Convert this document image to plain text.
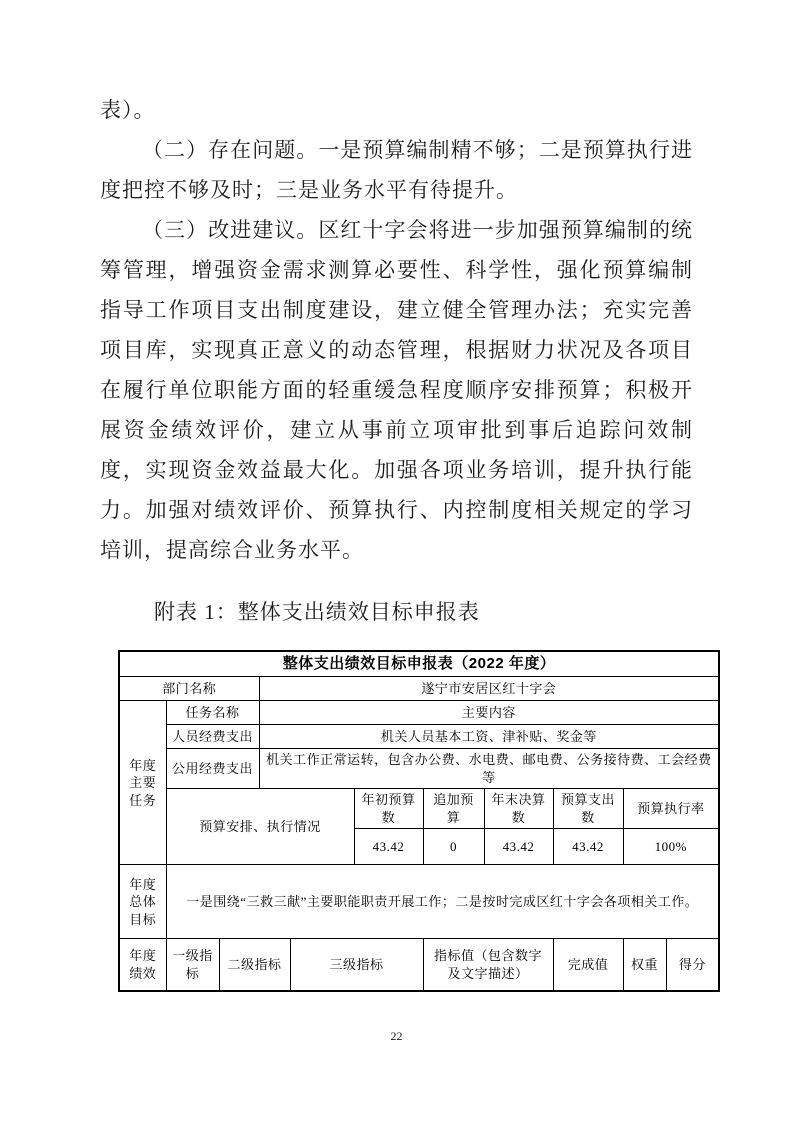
表）。

（二）存在问题。一是预算编制精不够；二是预算执行进度把控不够及时；三是业务水平有待提升。

（三）改进建议。区红十字会将进一步加强预算编制的统筹管理，增强资金需求测算必要性、科学性，强化预算编制指导工作项目支出制度建设，建立健全管理办法；充实完善项目库，实现真正意义的动态管理，根据财力状况及各项目在履行单位职能方面的轻重缓急程度顺序安排预算；积极开展资金绩效评价，建立从事前立项审批到事后追踪问效制度，实现资金效益最大化。加强各项业务培训，提升执行能力。加强对绩效评价、预算执行、内控制度相关规定的学习培训，提高综合业务水平。

附表 1：整体支出绩效目标申报表

整体支出绩效目标申报表（2022 年度）										
部门名称			遂宁市安居区红十字会							
年度主要任务	任务名称		主要内容							
	人员经费支出		机关人员基本工资、津补贴、奖金等							
	公用经费支出		机关工作正常运转，包含办公费、水电费、邮电费、公务接待费、工会经费等							
	预算安排、执行情况				年初预算数	追加预算	年末决算数	预算支出数	预算执行率	
					43.42	0	43.42	43.42	100%	
年度总体目标	一是围绕“三救三献”主要职能职责开展工作；二是按时完成区红十字会各项相关工作。									
年度绩效	一级指标	二级指标		三级指标		指标值（包含数字及文字描述）		完成值	权重	得分
22
